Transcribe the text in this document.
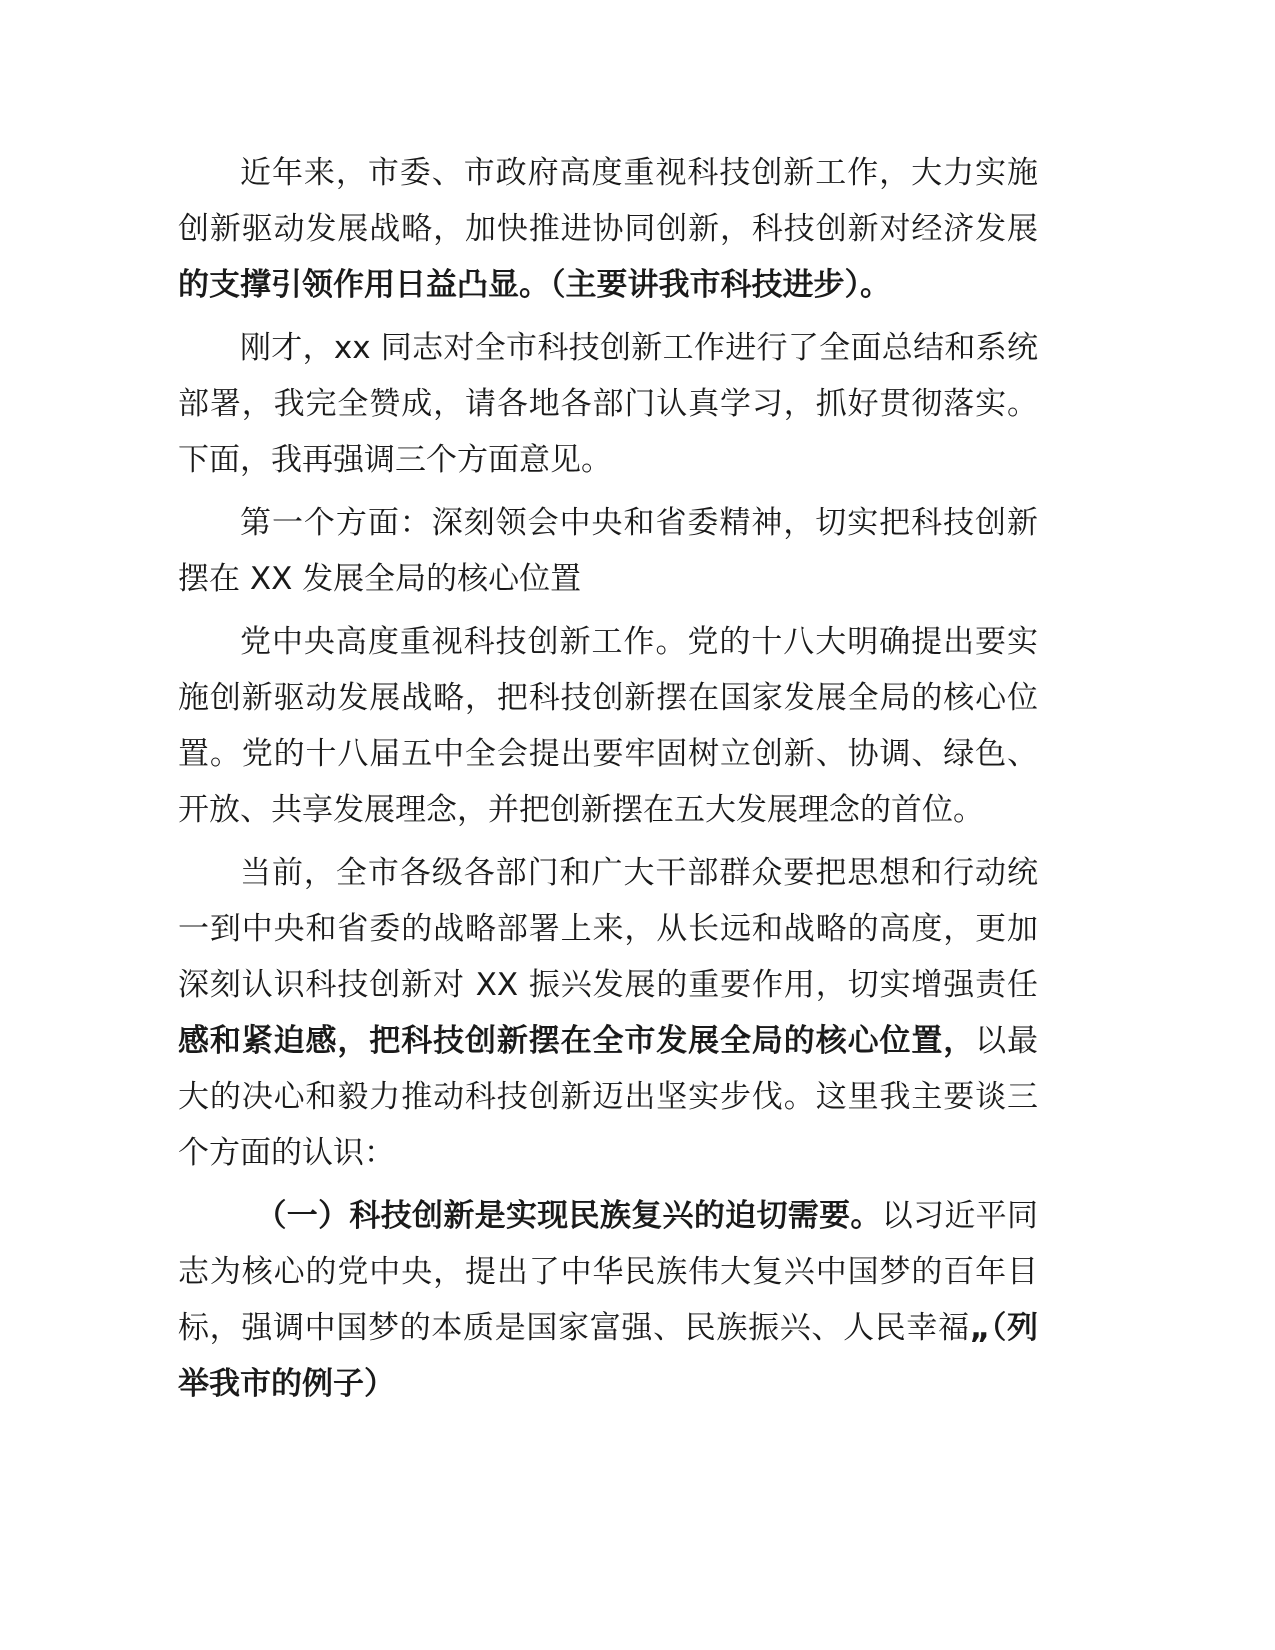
近年来，市委、市政府高度重视科技创新工作，大力实施创新驱动发展战略，加快推进协同创新，科技创新对经济发展的支撑引领作用日益凸显。（主要讲我市科技进步）。

刚才，xx 同志对全市科技创新工作进行了全面总结和系统部署，我完全赞成，请各地各部门认真学习，抓好贯彻落实。下面，我再强调三个方面意见。

第一个方面：深刻领会中央和省委精神，切实把科技创新摆在 XX 发展全局的核心位置

党中央高度重视科技创新工作。党的十八大明确提出要实施创新驱动发展战略，把科技创新摆在国家发展全局的核心位置。党的十八届五中全会提出要牢固树立创新、协调、绿色、开放、共享发展理念，并把创新摆在五大发展理念的首位。

当前，全市各级各部门和广大干部群众要把思想和行动统一到中央和省委的战略部署上来，从长远和战略的高度，更加深刻认识科技创新对 XX 振兴发展的重要作用，切实增强责任感和紧迫感，把科技创新摆在全市发展全局的核心位置，以最大的决心和毅力推动科技创新迈出坚实步伐。这里我主要谈三个方面的认识：

（一）科技创新是实现民族复兴的迫切需要。以习近平同志为核心的党中央，提出了中华民族伟大复兴中国梦的百年目标，强调中国梦的本质是国家富强、民族振兴、人民幸福„（列举我市的例子）
